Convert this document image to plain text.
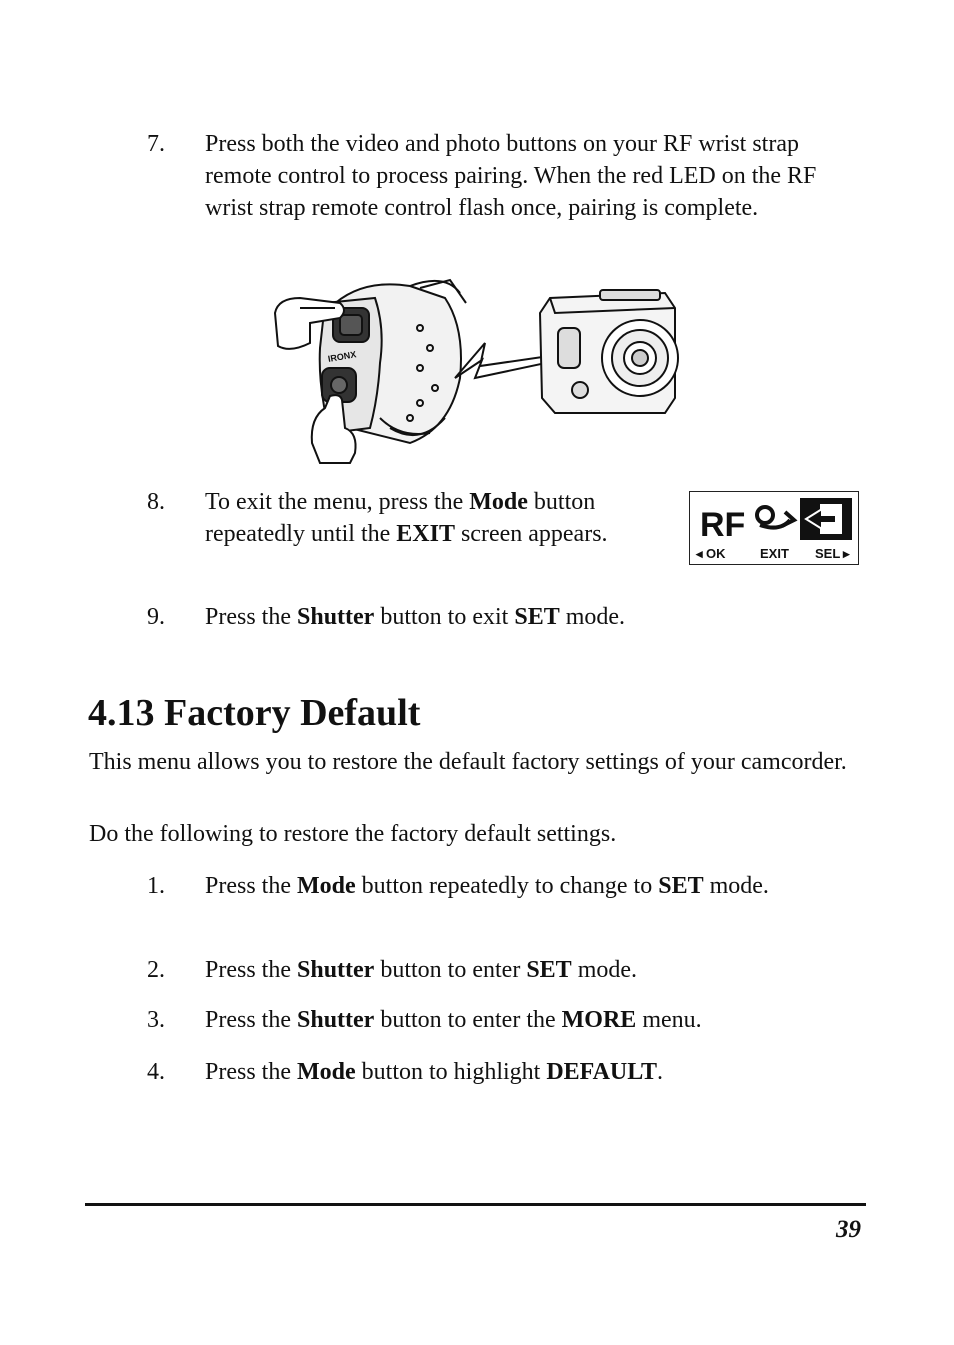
7.	Press both the video and photo buttons on your RF wrist strap remote control to process pairing. When the red LED on the RF wrist strap remote control flash once, pairing is complete.
IRONX
8.	To exit the menu, press the Mode button repeatedly until the EXIT screen appears.	RF
◂ OK	EXIT SEL ▸
9.	Press the Shutter button to exit SET mode.
4.13 Factory Default
This menu allows you to restore the default factory settings of your camcorder.
Do the following to restore the factory default settings.
1.	Press the Mode button repeatedly to change to SET mode.
2.	Press the Shutter button to enter SET mode.
3.	Press the Shutter button to enter the MORE menu.
4.	Press the Mode button to highlight DEFAULT.
39
